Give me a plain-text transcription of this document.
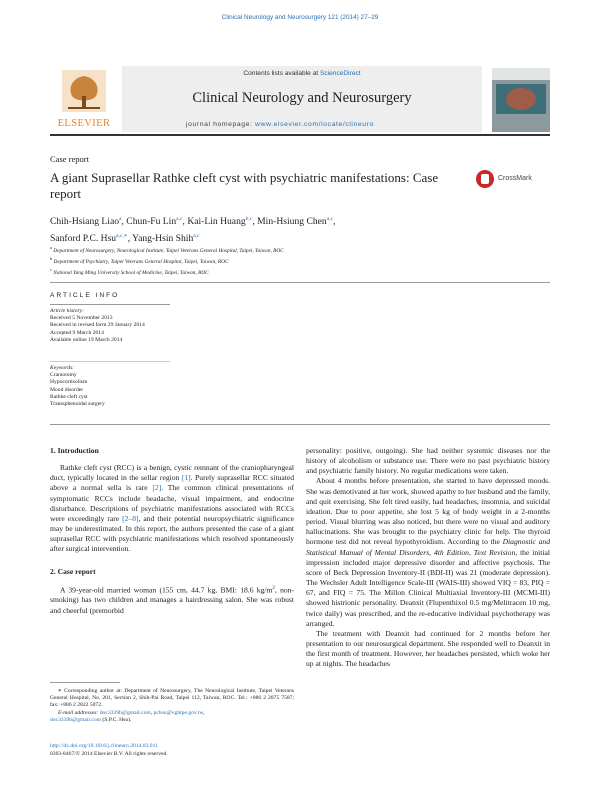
Clinical Neurology and Neurosurgery 121 (2014) 27–29
ELSEVIER
Contents lists available at ScienceDirect
Clinical Neurology and Neurosurgery
journal homepage: www.elsevier.com/locate/clineuro
Case report
A giant Suprasellar Rathke cleft cyst with psychiatric manifestations: Case report
CrossMark
Chih-Hsiang Liao$^a$, Chun-Fu Lin$^{a,c}$, Kai-Lin Huang$^{b,c}$, Min-Hsiung Chen$^{a,c}$,
Sanford P.C. Hsu$^{a,c,∗}$, Yang-Hsin Shih$^{a,c}$
$^a$ Department of Neurosurgery, Neurological Institute, Taipei Veterans General Hospital, Taipei, Taiwan, ROC
$^b$ Department of Psychiatry, Taipei Veterans General Hospital, Taipei, Taiwan, ROC
$^c$ National Yang Ming University School of Medicine, Taipei, Taiwan, ROC
ARTICLE INFO
Article history:
Received 5 November 2013
Received in revised form 29 January 2014
Accepted 9 March 2014
Available online 19 March 2014
Keywords:
Craniotomy
Hypocortisolism
Mood disorder
Rathke cleft cyst
Transsphenoidal surgery
1. Introduction

Rathke cleft cyst (RCC) is a benign, cystic remnant of the craniopharyngeal duct, typically located in the sellar region [1]. Purely suprasellar RCC situated above a normal sella is rare [2]. The common clinical presentations of symptomatic RCCs include headache, visual impairment, and endocrine disturbance. Descriptions of psychiatric manifestations associated with RCCs were exceedingly rare [2–8], and their potential neuropsychiatric significance may be underestimated. In this report, the authors presented the case of a giant suprasellar RCC with psychiatric manifestations which resolved spontaneously after surgical intervention.

2. Case report

A 39-year-old married woman (155 cm, 44.7 kg, BMI: 18.6 $kg/m^2$, non-smoking) has two children and manages a hairdressing salon. She was robust and cheerful (premorbid

∗ Corresponding author at: Department of Neurosurgery, The Neurological Institute, Taipei Veterans General Hospital, No. 201, Section 2, Shih-Pai Road, Taipei 112, Taiwan, ROC. Tel.: +886 2 2875 7587; fax: +886 2 2822 5072.

E-mail addresses: doc3339b@gmail.com, pchsu@vghtpe.gov.tw,
doc3339b@gmail.com (S.P.C. Hsu).

http://dx.doi.org/10.1016/j.clineuro.2014.03.011
0303-8467/© 2014 Elsevier B.V. All rights reserved.

personality: positive, outgoing). She had neither systemic diseases nor the history of alcoholism or substance use. There were no past psychiatric history and psychiatric family history. No regular medications were taken.

About 4 months before presentation, she started to have depressed moods. She was demotivated at her work, showed apathy to her husband and the family, and quit exercising. She felt tired easily, had headaches, insomnia, and suicidal ideation. Due to poor appetite, she lost 5 kg of body weight in a 2-months period. Visual blurring was also noticed, but there were no visual and auditory hallucinations. She was brought to the psychiatry clinic for help. The thyroid hormone test did not reveal hypothyroidism. According to the Diagnostic and Statistical Manual of Mental Disorders, 4th Edition, Text Revision, the initial impression included major depressive disorder and affective psychosis. The score of Beck Depression Inventory-II (BDI-II) was 21 (moderate depression). The Wechsler Adult Intelligence Scale-III (WAIS-III) showed VIQ = 83, PIQ = 67, and FIQ = 75. The Millon Clinical Multiaxial Inventory-III (MCMI-III) showed histrionic personality. Deanxit (Flupenthixol 0.5 mg/Melitracen 10 mg, twice daily) was prescribed, and the re-educative individual psychotherapy was arranged.

The treatment with Deanxit had continued for 2 months before her presentation to our neurosurgical department. She responded well to Deanxit in the first month of treatment. However, her headaches persisted, which woke her up at nights. The headaches
